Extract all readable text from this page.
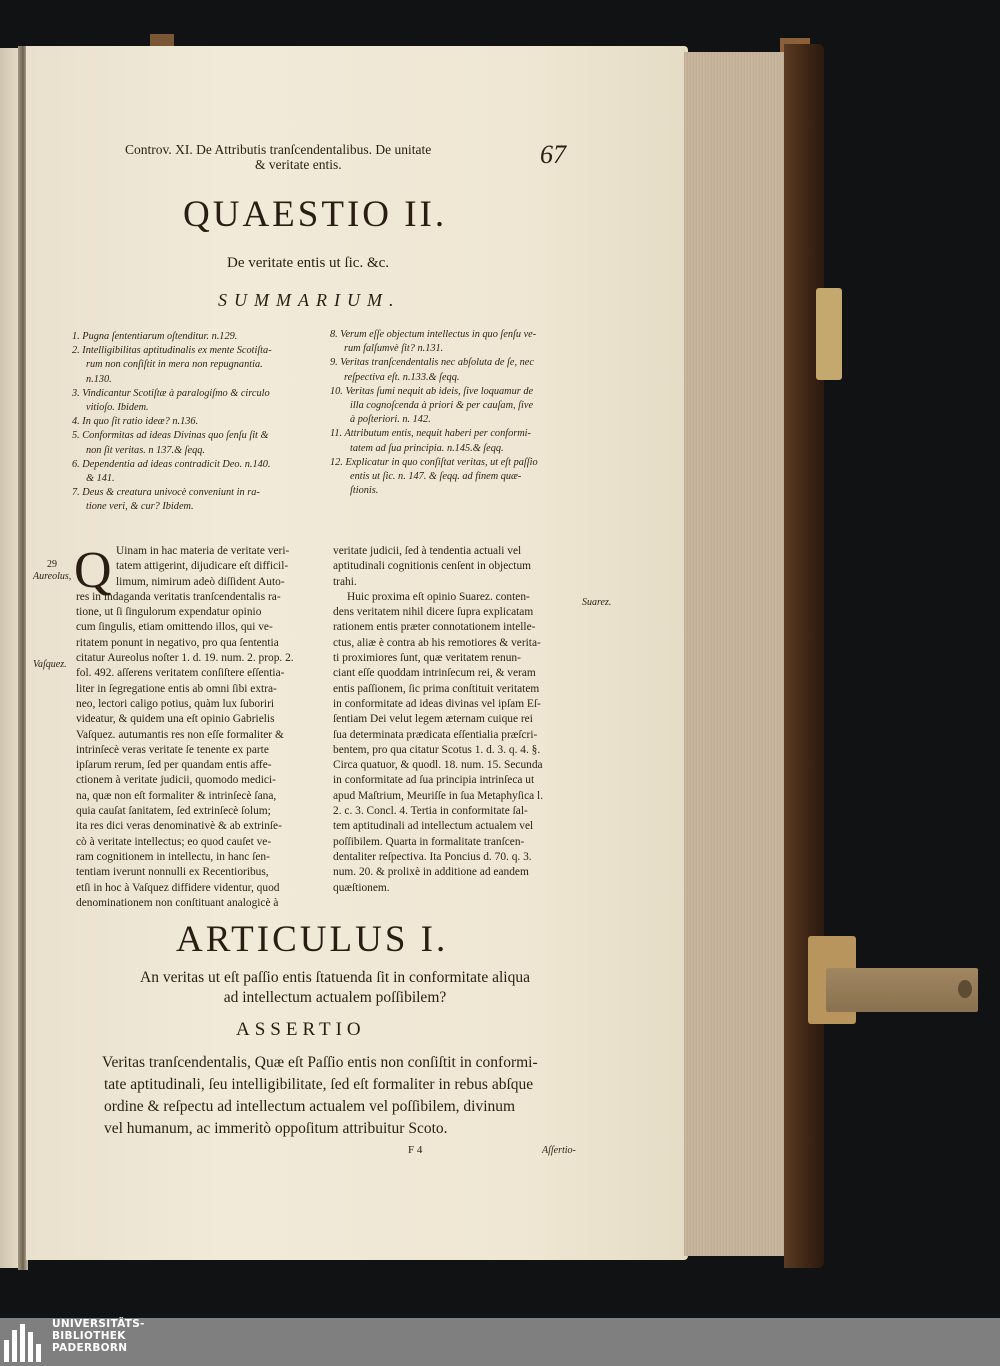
Controv. XI. De Attributis tranſcendentalibus. De unitate
& veritate entis.	67
QUAESTIO II.
De veritate entis ut ſic. &c.
SUMMARIUM.
1. Pugna ſententiarum oſtenditur. n.129.
2. Intelligibilitas aptitudinalis ex mente Scotiſta-
rum non conſiſtit in mera non repugnantia.
n.130.
3. Vindicantur Scotiſtæ à paralogiſmo & circulo
vitioſo. Ibidem.
4. In quo ſit ratio ideæ? n.136.
5. Conformitas ad ideas Divinas quo ſenſu ſit &
non ſit veritas. n 137.& ſeqq.
6. Dependentia ad ideas contradicit Deo. n.140.
& 141.
7. Deus & creatura univocè conveniunt in ra-
tione veri, & cur? Ibidem.
8. Verum eſſe objectum intellectus in quo ſenſu ve-
rum falſumvè ſit? n.131.
9. Veritas tranſcendentalis nec abſoluta de ſe, nec
reſpectiva eſt. n.133.& ſeqq.
10. Veritas ſumi nequit ab ideis, ſive loquamur de
illa cognoſcenda à priori & per cauſam, ſive
à poſteriori. n. 142.
11. Attributum entis, nequit haberi per conformi-
tatem ad ſua principia. n.145.& ſeqq.
12. Explicatur in quo conſiſtat veritas, ut eſt paſſio
entis ut ſic. n. 147. & ſeqq. ad finem quæ-
ſtionis.
Q
29
Aureolus,
Vaſquez.
Suarez.
Uinam in hac materia de veritate veri-
tatem attigerint, dijudicare eſt difficil-
limum, nimirum adeò diſſident Auto-
res in indaganda veritatis tranſcendentalis ra-
tione, ut ſi ſingulorum expendatur opinio
cum ſingulis, etiam omittendo illos, qui ve-
ritatem ponunt in negativo, pro qua ſententia
citatur Aureolus noſter 1. d. 19. num. 2. prop. 2.
fol. 492. aſſerens veritatem conſiſtere eſſentia-
liter in ſegregatione entis ab omni ſibi extra-
neo, lectori caligo potius, quàm lux ſuboriri
videatur, & quidem una eſt opinio Gabrielis
Vaſquez. autumantis res non eſſe formaliter &
intrinſecè veras veritate ſe tenente ex parte
ipſarum rerum, ſed per quandam entis affe-
ctionem à veritate judicii, quomodo medici-
na, quæ non eſt formaliter & intrinſecè ſana,
quia cauſat ſanitatem, ſed extrinſecè ſolum;
ita res dici veras denominativè & ab extrinſe-
cò à veritate intellectus; eo quod cauſet ve-
ram cognitionem in intellectu, in hanc ſen-
tentiam iverunt nonnulli ex Recentioribus,
etſi in hoc à Vaſquez diffidere videntur, quod
denominationem non conſtituant analogicè à
veritate judicii, ſed à tendentia actuali vel
aptitudinali cognitionis cenſent in objectum
trahi.
Huic proxima eſt opinio Suarez. conten-
dens veritatem nihil dicere ſupra explicatam
rationem entis præter connotationem intelle-
ctus, aliæ è contra ab his remotiores & verita-
ti proximiores ſunt, quæ veritatem renun-
ciant eſſe quoddam intrinſecum rei, & veram
entis paſſionem, ſic prima conſtituit veritatem
in conformitate ad ideas divinas vel ipſam Eſ-
ſentiam Dei velut legem æternam cuique rei
ſua determinata prædicata eſſentialia præſcri-
bentem, pro qua citatur Scotus 1. d. 3. q. 4. §.
Circa quatuor, & quodl. 18. num. 15. Secunda
in conformitate ad ſua principia intrinſeca ut
apud Maſtrium, Meuriſſe in ſua Metaphyſica l.
2. c. 3. Concl. 4. Tertia in conformitate ſal-
tem aptitudinali ad intellectum actualem vel
poſſibilem. Quarta in formalitate tranſcen-
dentaliter reſpectiva. Ita Poncius d. 70. q. 3.
num. 20. & prolixè in additione ad eandem
quæſtionem.
ARTICULUS I.
An veritas ut eſt paſſio entis ſtatuenda ſit in conformitate aliqua
ad intellectum actualem poſſibilem?
ASSERTIO
Veritas tranſcendentalis, Quæ eſt Paſſio entis non conſiſtit in conformi-
tate aptitudinali, ſeu intelligibilitate, ſed eſt formaliter in rebus abſque
ordine & reſpectu ad intellectum actualem vel poſſibilem, divinum
vel humanum, ac immeritò oppoſitum attribuitur Scoto.
F 4	Aſſertio-
UNIVERSITÄTS-
BIBLIOTHEK
PADERBORN
